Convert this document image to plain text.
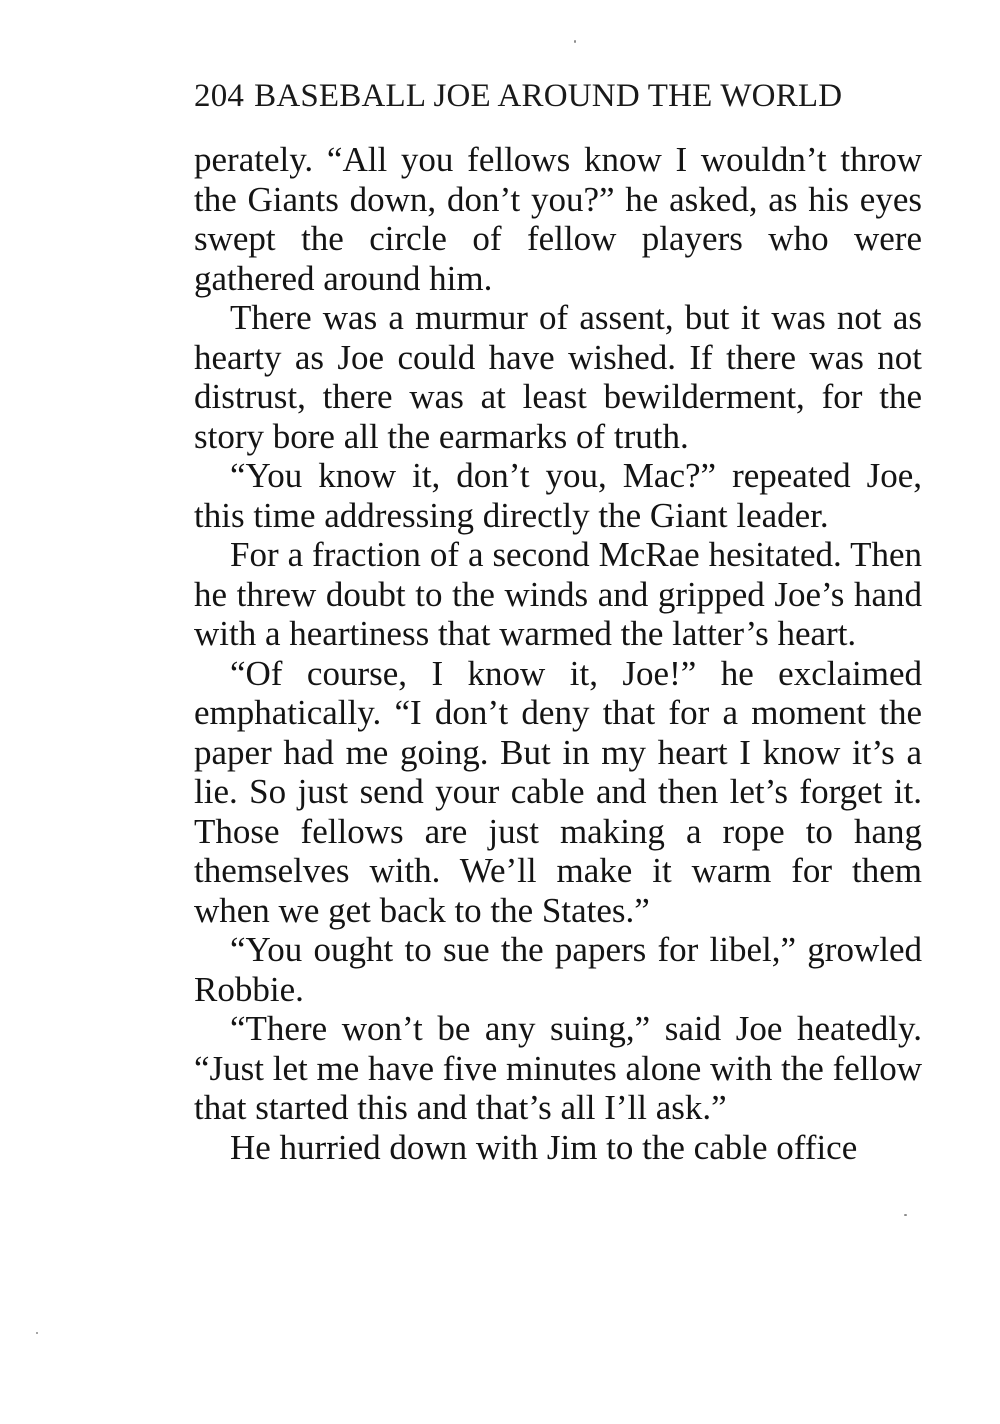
204 BASEBALL JOE AROUND THE WORLD

perately. “All you fellows know I wouldn’t throw the Giants down, don’t you?” he asked, as his eyes swept the circle of fellow players who were gathered around him.

There was a murmur of assent, but it was not as hearty as Joe could have wished. If there was not distrust, there was at least bewilderment, for the story bore all the earmarks of truth.

“You know it, don’t you, Mac?” repeated Joe, this time addressing directly the Giant leader.

For a fraction of a second McRae hesitated. Then he threw doubt to the winds and gripped Joe’s hand with a heartiness that warmed the latter’s heart.

“Of course, I know it, Joe!” he exclaimed emphatically. “I don’t deny that for a moment the paper had me going. But in my heart I know it’s a lie. So just send your cable and then let’s forget it. Those fellows are just making a rope to hang themselves with. We’ll make it warm for them when we get back to the States.”

“You ought to sue the papers for libel,” growled Robbie.

“There won’t be any suing,” said Joe heatedly. “Just let me have five minutes alone with the fellow that started this and that’s all I’ll ask.”

He hurried down with Jim to the cable office
